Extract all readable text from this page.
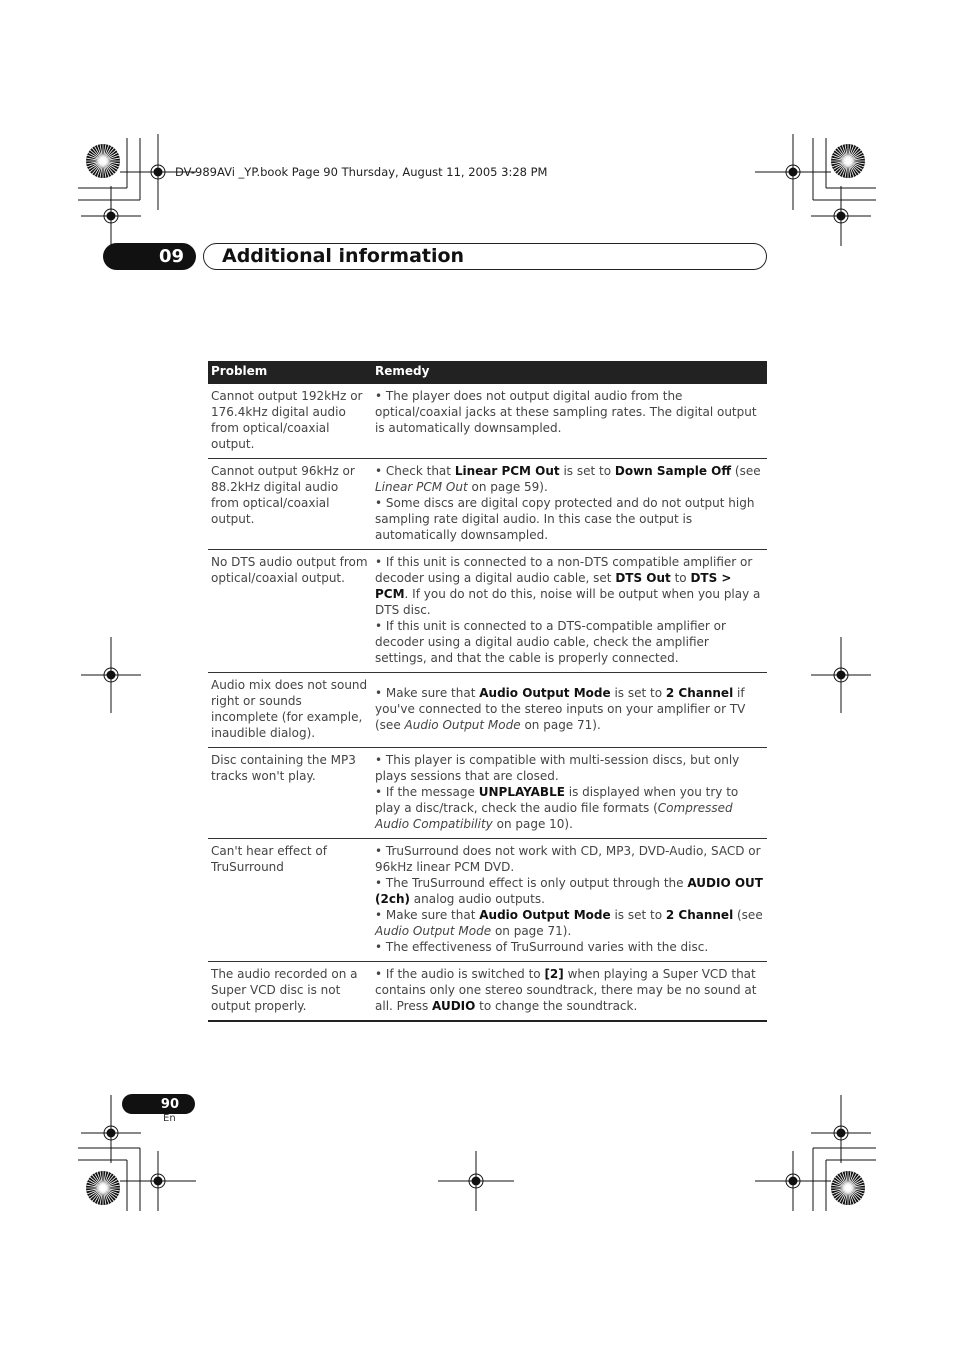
DV-989AVi _YP.book Page 90 Thursday, August 11, 2005 3:28 PM
09 Additional information
Problem	Remedy
Cannot output 192kHz or 176.4kHz digital audio from optical/coaxial output.	• The player does not output digital audio from the optical/coaxial jacks at these sampling rates. The digital output is automatically downsampled.

Cannot output 96kHz or 88.2kHz digital audio from optical/coaxial output.	• Check that Linear PCM Out is set to Down Sample Off (see Linear PCM Out on page 59).

• Some discs are digital copy protected and do not output high sampling rate digital audio. In this case the output is automatically downsampled.

No DTS audio output from optical/coaxial output.	• If this unit is connected to a non-DTS compatible amplifier or decoder using a digital audio cable, set DTS Out to DTS > PCM. If you do not do this, noise will be output when you play a DTS disc.

• If this unit is connected to a DTS-compatible amplifier or decoder using a digital audio cable, check the amplifier settings, and that the cable is properly connected.

Audio mix does not sound right or sounds incomplete (for example, inaudible dialog).	• Make sure that Audio Output Mode is set to 2 Channel if you've connected to the stereo inputs on your amplifier or TV (see Audio Output Mode on page 71).

Disc containing the MP3 tracks won't play.	• This player is compatible with multi-session discs, but only plays sessions that are closed.

• If the message UNPLAYABLE is displayed when you try to play a disc/track, check the audio file formats (Compressed Audio Compatibility on page 10).

Can't hear effect of TruSurround	• TruSurround does not work with CD, MP3, DVD-Audio, SACD or 96kHz linear PCM DVD.

• The TruSurround effect is only output through the AUDIO OUT (2ch) analog audio outputs.

• Make sure that Audio Output Mode is set to 2 Channel (see Audio Output Mode on page 71).

• The effectiveness of TruSurround varies with the disc.

The audio recorded on a Super VCD disc is not output properly.	• If the audio is switched to [2] when playing a Super VCD that contains only one stereo soundtrack, there may be no sound at all. Press AUDIO to change the soundtrack.

90
En
